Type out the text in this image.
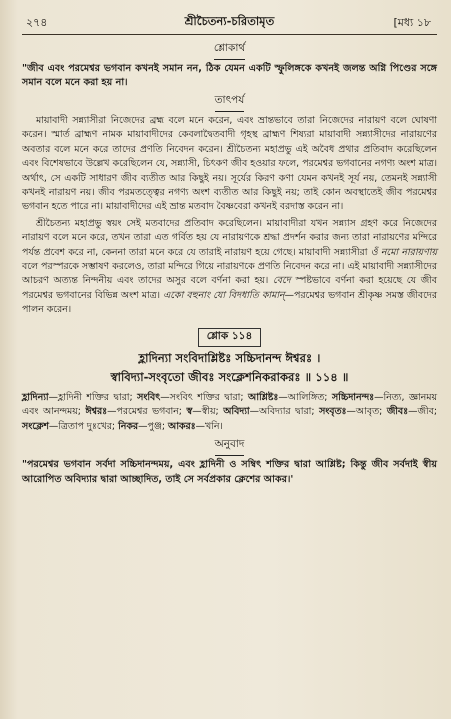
২৭৪	শ্রীচৈতন্য-চরিতামৃত	[মধ্য ১৮
শ্লোকার্থ

"জীব এবং পরমেশ্বর ভগবান কখনই সমান নন, ঠিক যেমন একটি স্ফুলিঙ্গকে কখনই জলন্ত অগ্নি পিণ্ডের সঙ্গে সমান বলে মনে করা হয় না।

তাৎপর্য

মায়াবাদী সন্ন্যাসীরা নিজেদের ব্রহ্ম বলে মনে করেন, এবং ভ্রান্তভাবে তারা নিজেদের নারায়ণ বলে ঘোষণা করেন। স্মার্ত ব্রাহ্মণ নামক মায়াবাদীদের কেবলাদ্বৈতবাদী গৃহস্থ ব্রাহ্মণ শিষ্যরা মায়াবাদী সন্ন্যাসীদের নারায়ণের অবতার বলে মনে করে তাদের প্রণতি নিবেদন করেন। শ্রীচৈতন্য মহাপ্রভু এই অবৈধ প্রথার প্রতিবাদ করেছিলেন এবং বিশেষভাবে উল্লেখ করেছিলেন যে, সন্ন্যাসী, চিৎকণ জীব হওয়ার ফলে, পরমেশ্বর ভগবানের নগণ্য অংশ মাত্র। অর্থাৎ, সে একটি সাধারণ জীব ব্যতীত আর কিছুই নয়। সূর্যের কিরণ কণা যেমন কখনই সূর্য নয়, তেমনই সন্ন্যাসী কখনই নারায়ণ নয়। জীব পরমতত্ত্বের নগণ্য অংশ ব্যতীত আর কিছুই নয়; তাই কোন অবস্থাতেই জীব পরমেশ্বর ভগবান হতে পারে না। মায়াবাদীদের এই ভ্রান্ত মতবাদ বৈষ্ণবেরা কখনই বরদাস্ত করেন না।

শ্রীচৈতন্য মহাপ্রভু স্বয়ং সেই মতবাদের প্রতিবাদ করেছিলেন। মায়াবাদীরা যখন সন্ন্যাস গ্রহণ করে নিজেদের নারায়ণ বলে মনে করে, তখন তারা এত গর্বিত হয় যে নারায়ণকে শ্রদ্ধা প্রদর্শন করার জন্য তারা নারায়ণের মন্দিরে পর্যন্ত প্রবেশ করে না, কেননা তারা মনে করে যে তারাই নারায়ণ হয়ে গেছে। মায়াবাদী সন্ন্যাসীরা ওঁ নমো নারায়ণায় বলে পরস্পরকে সম্ভাষণ করলেও, তারা মন্দিরে গিয়ে নারায়ণকে প্রণতি নিবেদন করে না। এই মায়াবাদী সন্ন্যাসীদের আচরণ অত্যন্ত নিন্দনীয় এবং তাদের অসুর বলে বর্ণনা করা হয়। বেদে স্পষ্টভাবে বর্ণনা করা হয়েছে যে জীব পরমেশ্বর ভগবানের বিভিন্ন অংশ মাত্র। একো বহুনাং যো বিদধাতি কামান্—পরমেশ্বর ভগবান শ্রীকৃষ্ণ সমস্ত জীবদের পালন করেন।

শ্লোক ১১৪
হ্লাদিন্যা সংবিদাশ্লিষ্টঃ সচ্চিদানন্দ ঈশ্বরঃ ।
স্বাবিদ্যা-সংবৃতো জীবঃ সংক্লেশনিকরাকরঃ ॥ ১১৪ ॥
হ্লাদিন্যা—হ্লাদিনী শক্তির দ্বারা; সংবিৎ—সংবিৎ শক্তির দ্বারা; আশ্লিষ্টঃ—আলিঙ্গিত; সচ্চিদানন্দঃ—নিত্য, জ্ঞানময় এবং আনন্দময়; ঈশ্বরঃ—পরমেশ্বর ভগবান; স্ব—স্বীয়; অবিদ্যা—অবিদ্যার দ্বারা; সংবৃতঃ—আবৃত; জীবঃ—জীব; সংক্লেশ—ত্রিতাপ দুঃখের; নিকর—পুঞ্জ; আকরঃ—খনি।
অনুবাদ

"পরমেশ্বর ভগবান সর্বদা সচ্চিদানন্দময়, এবং হ্লাদিনী ও সম্বিৎ শক্তির দ্বারা আশ্লিষ্ট; কিন্তু জীব সর্বদাই স্বীয় আরোপিত অবিদ্যার দ্বারা আচ্ছাদিত, তাই সে সর্বপ্রকার ক্লেশের আকর।'
